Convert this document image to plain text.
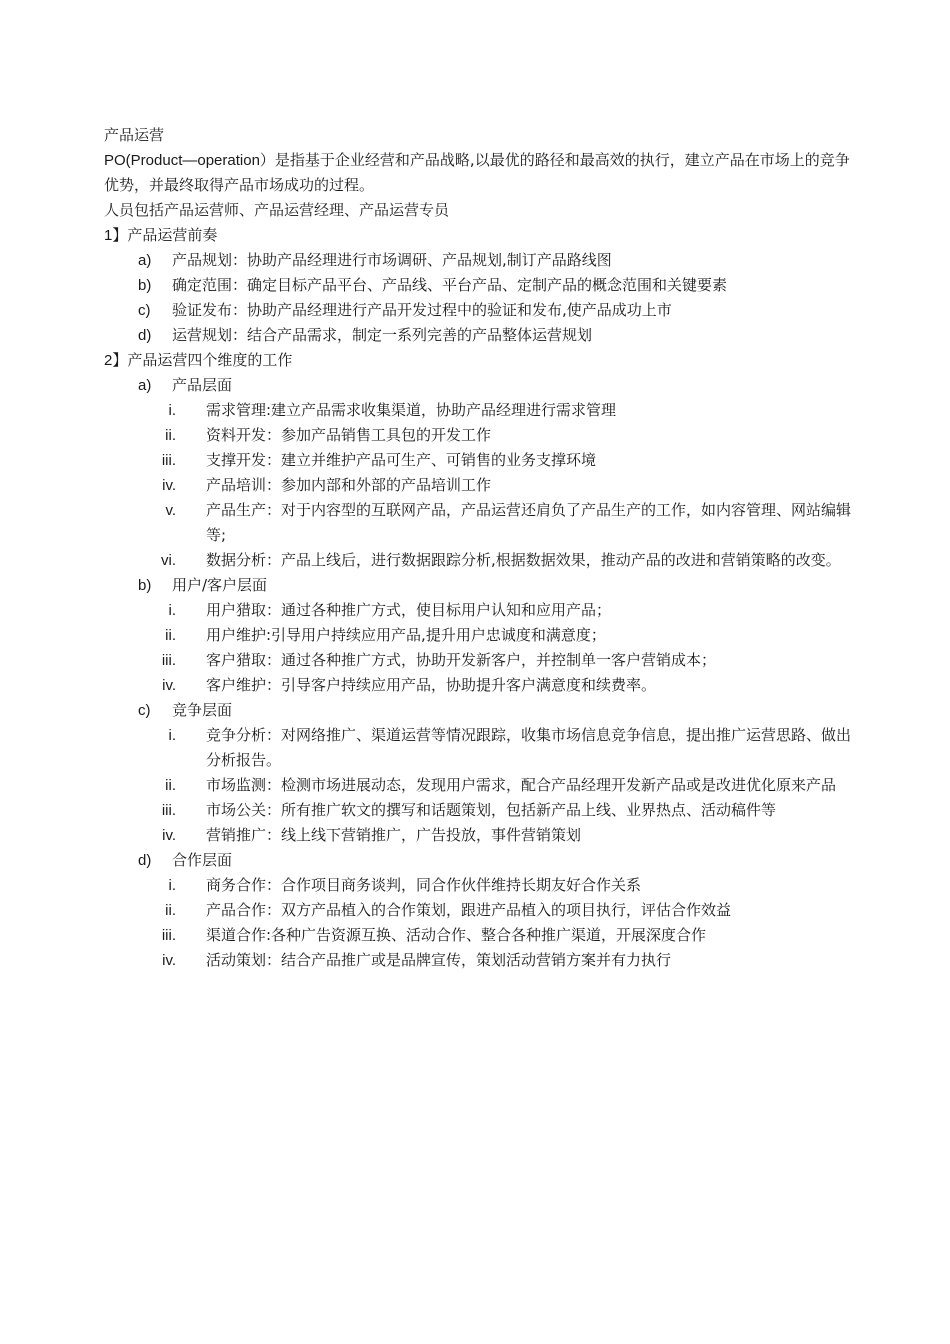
产品运营
PO(Product—operation）是指基于企业经营和产品战略,以最优的路径和最高效的执行，建立产品在市场上的竞争优势，并最终取得产品市场成功的过程。
人员包括产品运营师、产品运营经理、产品运营专员
1】产品运营前奏
a)	产品规划：协助产品经理进行市场调研、产品规划,制订产品路线图
b)	确定范围：确定目标产品平台、产品线、平台产品、定制产品的概念范围和关键要素
c)	验证发布：协助产品经理进行产品开发过程中的验证和发布,使产品成功上市
d)	运营规划：结合产品需求，制定一系列完善的产品整体运营规划
2】产品运营四个维度的工作
a)	产品层面
i.	需求管理:建立产品需求收集渠道，协助产品经理进行需求管理
ii.	资料开发：参加产品销售工具包的开发工作
iii.	支撑开发：建立并维护产品可生产、可销售的业务支撑环境
iv.	产品培训：参加内部和外部的产品培训工作
v.	产品生产：对于内容型的互联网产品，产品运营还肩负了产品生产的工作，如内容管理、网站编辑等;
vi.	数据分析：产品上线后，进行数据跟踪分析,根据数据效果，推动产品的改进和营销策略的改变。
b)	用户/客户层面
i.	用户猎取：通过各种推广方式，使目标用户认知和应用产品；
ii.	用户维护:引导用户持续应用产品,提升用户忠诚度和满意度；
iii.	客户猎取：通过各种推广方式，协助开发新客户，并控制单一客户营销成本；
iv.	客户维护：引导客户持续应用产品，协助提升客户满意度和续费率。
c)	竞争层面
i.	竞争分析：对网络推广、渠道运营等情况跟踪，收集市场信息竞争信息，提出推广运营思路、做出分析报告。
ii.	市场监测：检测市场进展动态，发现用户需求，配合产品经理开发新产品或是改进优化原来产品
iii.	市场公关：所有推广软文的撰写和话题策划，包括新产品上线、业界热点、活动稿件等
iv.	营销推广：线上线下营销推广，广告投放，事件营销策划
d)	合作层面
i.	商务合作：合作项目商务谈判，同合作伙伴维持长期友好合作关系
ii.	产品合作：双方产品植入的合作策划，跟进产品植入的项目执行，评估合作效益
iii.	渠道合作:各种广告资源互换、活动合作、整合各种推广渠道，开展深度合作
iv.	活动策划：结合产品推广或是品牌宣传，策划活动营销方案并有力执行
